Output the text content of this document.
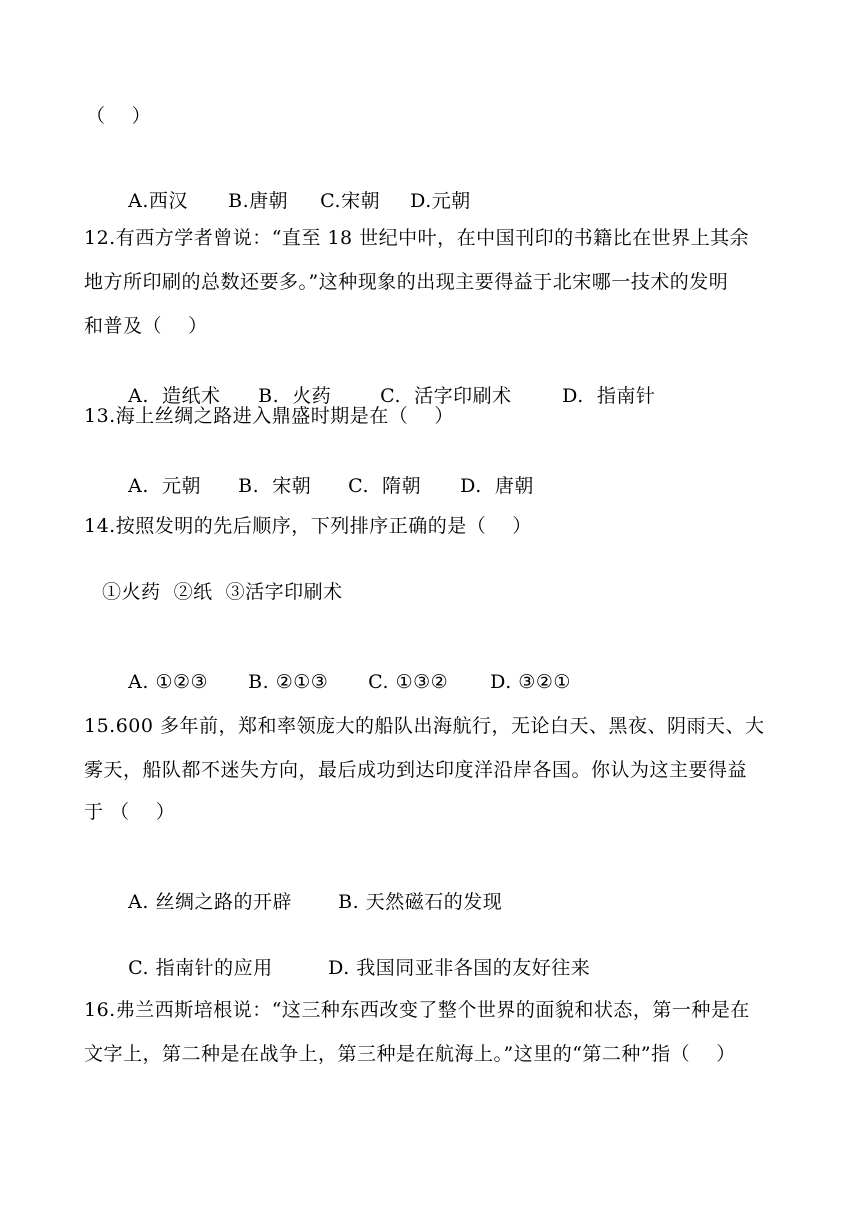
（    ）

A.西汉 B.唐朝 C.宋朝 D.元朝

12.有西方学者曾说：“直至 18 世纪中叶，在中国刊印的书籍比在世界上其余
地方所印刷的总数还要多。”这种现象的出现主要得益于北宋哪一技术的发明
和普及（    ）

A.  造纸术 B.  火药	C.  活字印刷术	D.  指南针

13.海上丝绸之路进入鼎盛时期是在（    ）

A.  元朝 B.  宋朝 C.  隋朝 D.  唐朝

14.按照发明的先后顺序，下列排序正确的是（    ）
①火药  ②纸  ③活字印刷术

A. ①②③ B. ②①③ C. ①③② D. ③②①

15.600 多年前，郑和率领庞大的船队出海航行，无论白天、黑夜、阴雨天、大
雾天，船队都不迷失方向，最后成功到达印度洋沿岸各国。你认为这主要得益
于 （    ）

A. 丝绸之路的开辟 B. 天然磁石的发现

C. 指南针的应用	D. 我国同亚非各国的友好往来

16.弗兰西斯培根说：“这三种东西改变了整个世界的面貌和状态，第一种是在
文字上，第二种是在战争上，第三种是在航海上。”这里的“第二种”指（    ）
